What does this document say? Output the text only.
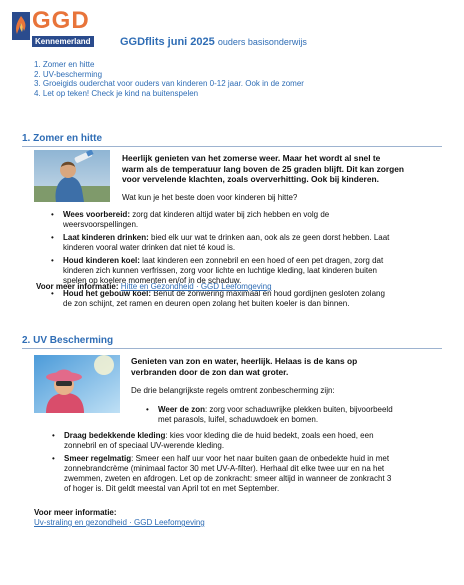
GGD
Kennemerland	GGDflits juni 2025 ouders basisonderwijs
1. Zomer en hitte
2. UV-bescherming
3. Groeigids ouderchat voor ouders van kinderen 0-12 jaar. Ook in de zomer
4. Let op teken! Check je kind na buitenspelen
1. Zomer en hitte
Heerlijk genieten van het zomerse weer. Maar het wordt al snel te
warm als de temperatuur lang boven de 25 graden blijft. Dit kan zorgen
voor vervelende klachten, zoals oververhitting. Ook bij kinderen.
Wat kun je het beste doen voor kinderen bij hitte?
• Wees voorbereid: zorg dat kinderen altijd water bij zich hebben en volg de
weersvoorspellingen.
• Laat kinderen drinken: bied elk uur wat te drinken aan, ook als ze geen dorst hebben. Laat
kinderen vooral water drinken dat niet té koud is.
• Houd kinderen koel: laat kinderen een zonnebril en een hoed of een pet dragen, zorg dat
kinderen zich kunnen verfrissen, zorg voor lichte en luchtige kleding, laat kinderen buiten
spelen op koelere momenten en/of in de schaduw.
• Houd het gebouw koel: Benut de zonwering maximaal en houd gordijnen gesloten zolang
de zon schijnt, zet ramen en deuren open zolang het buiten koeler is dan binnen.
Voor meer informatie: Hitte en Gezondheid · GGD Leefomgeving
2. UV Bescherming
Genieten van zon en water, heerlijk. Helaas is de kans op
verbranden door de zon dan wat groter.
De drie belangrijkste regels omtrent zonbescherming zijn:
• Weer de zon: zorg voor schaduwrijke plekken buiten, bijvoorbeeld
met parasols, luifel, schaduwdoek en bomen.
• Draag bedekkende kleding: kies voor kleding die de huid bedekt, zoals een hoed, een
zonnebril en of speciaal UV-werende kleding.
• Smeer regelmatig: Smeer een half uur voor het naar buiten gaan de onbedekte huid in met
zonnebrandcrème (minimaal factor 30 met UV-A-filter). Herhaal dit elke twee uur en na het
zwemmen, zweten en afdrogen. Let op de zonkracht: smeer altijd in wanneer de zonkracht 3
of hoger is. Dit geldt meestal van April tot en met September.
Voor meer informatie:
Uv-straling en gezondheid · GGD Leefomgeving
